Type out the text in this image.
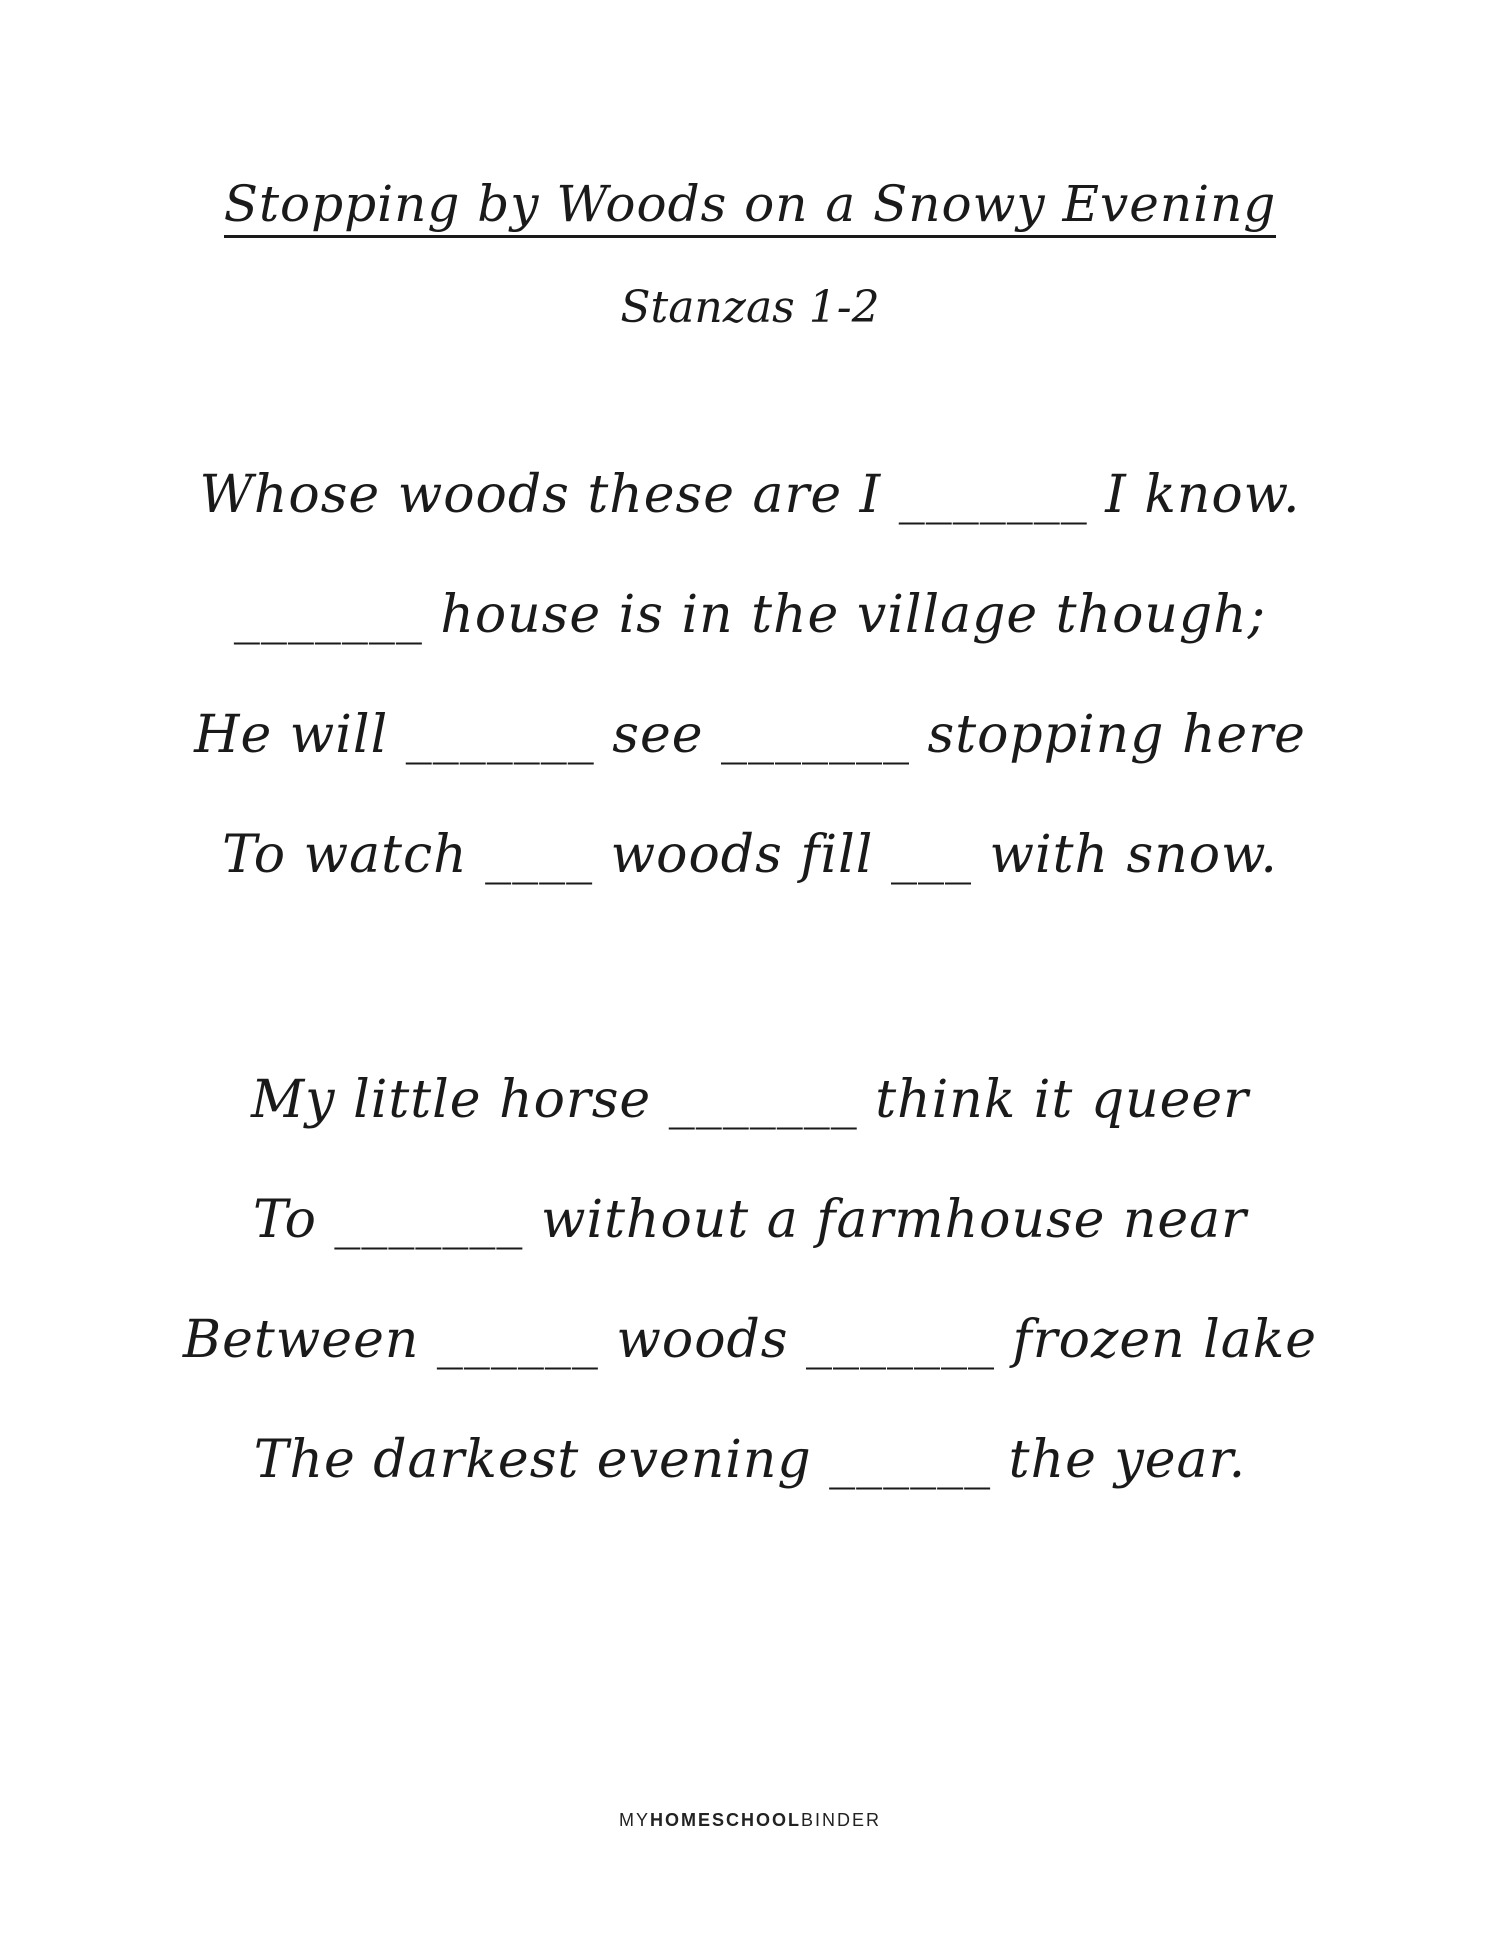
Stopping by Woods on a Snowy Evening
Stanzas 1-2
Whose woods these are I _______ I know.
_______ house is in the village though;
He will _______ see _______ stopping here
To watch ____ woods fill ___ with snow.
My little horse _______ think it queer
To _______ without a farmhouse near
Between ______ woods _______ frozen lake
The darkest evening ______ the year.
MYHOMESCHOOLBINDER
